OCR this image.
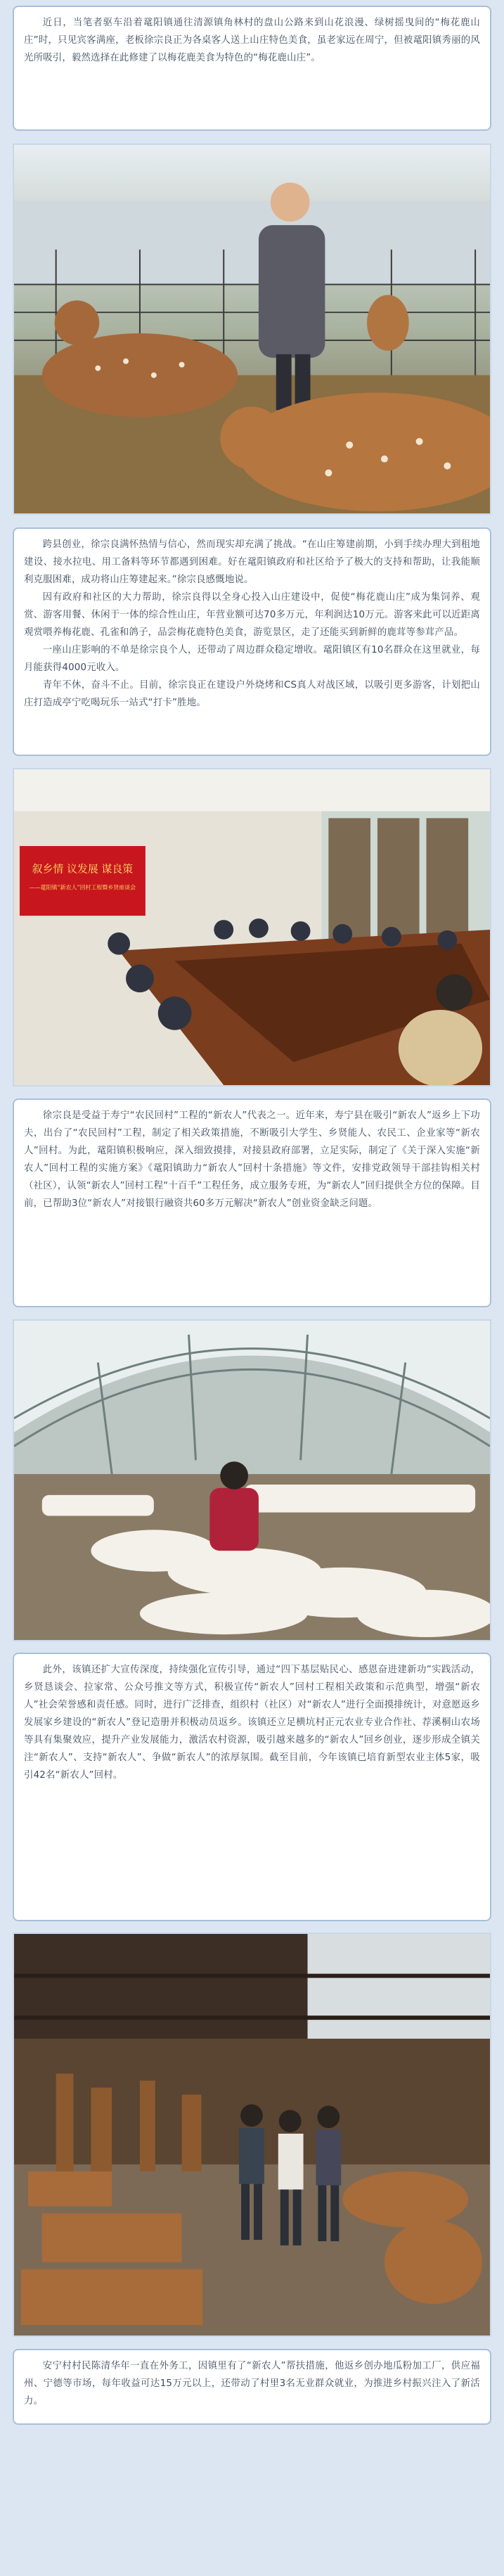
近日，当笔者驱车沿着鼋阳镇通往清源镇角林村的盘山公路来到山花浪漫、绿树摇曳间的“梅花鹿山庄”时，只见宾客满座，老板徐宗良正为各桌客人送上山庄特色美食，虽老家远在周宁，但被鼋阳镇秀丽的风光所吸引，毅然选择在此修建了以梅花鹿美食为特色的“梅花鹿山庄”。

跨县创业，徐宗良满怀热情与信心，然而现实却充满了挑战。“在山庄筹建前期，小到手续办理大到租地建设、接水拉电、用工备料等环节都遇到困难。好在鼋阳镇政府和社区给予了极大的支持和帮助，让我能顺利克服困难，成功将山庄筹建起来。”徐宗良感慨地说。

因有政府和社区的大力帮助，徐宗良得以全身心投入山庄建设中，促使“梅花鹿山庄”成为集饲养、观赏、游客用餐、休闲于一体的综合性山庄，年营业额可达70多万元，年利润达10万元。游客来此可以近距离观赏喂养梅花鹿、孔雀和鸽子，品尝梅花鹿特色美食，游览景区，走了还能买到新鲜的鹿茸等参茸产品。

一座山庄影响的不单是徐宗良个人，还带动了周边群众稳定增收。鼋阳镇区有10名群众在这里就业，每月能获得4000元收入。

青年不休，奋斗不止。目前，徐宗良正在建设户外烧烤和CS真人对战区域，以吸引更多游客，计划把山庄打造成亭宁吃喝玩乐一站式“打卡”胜地。

叙乡情 议发展 谋良策
——鼋阳镇“新农人”回村工程暨乡贤座谈会

徐宗良是受益于寿宁“农民回村”工程的“新农人”代表之一。近年来，寿宁县在吸引“新农人”返乡上下功夫，出台了“农民回村”工程，制定了相关政策措施，不断吸引大学生、乡贤能人、农民工、企业家等“新农人”回村。为此，鼋阳镇积极响应，深入细致摸排，对接县政府部署，立足实际，制定了《关于深入实施“新农人”回村工程的实施方案》《鼋阳镇助力“新农人”回村十条措施》等文件，安排党政领导干部挂钩相关村（社区），认领“新农人”回村工程“十百千”工程任务，成立服务专班，为“新农人”回归提供全方位的保障。目前，已帮助3位“新农人”对接银行融资共60多万元解决“新农人”创业资金缺乏问题。

此外，该镇还扩大宣传深度，持续强化宣传引导，通过“四下基层贴民心、感恩奋进建新功”实践活动，乡贤恳谈会、拉家常、公众号推文等方式，积极宣传“新农人”回村工程相关政策和示范典型，增强“新农人”社会荣誉感和责任感。同时，进行广泛排查，组织村（社区）对“新农人”进行全面摸排统计，对意愿返乡发展家乡建设的“新农人”登记造册并积极动员返乡。该镇还立足横坑村正元农业专业合作社、荐溪桐山农场等具有集聚效应，提升产业发展能力，激活农村资源，吸引越来越多的“新农人”回乡创业，逐步形成全镇关注“新农人”、支持“新农人”、争做“新农人”的浓厚氛围。截至目前，今年该镇已培育新型农业主体5家，吸引42名“新农人”回村。

安宁村村民陈清华年一直在外务工，因镇里有了“新农人”帮扶措施，他返乡创办地瓜粉加工厂，供应福州、宁德等市场，每年收益可达15万元以上，还带动了村里3名无业群众就业，为推进乡村振兴注入了新活力。
